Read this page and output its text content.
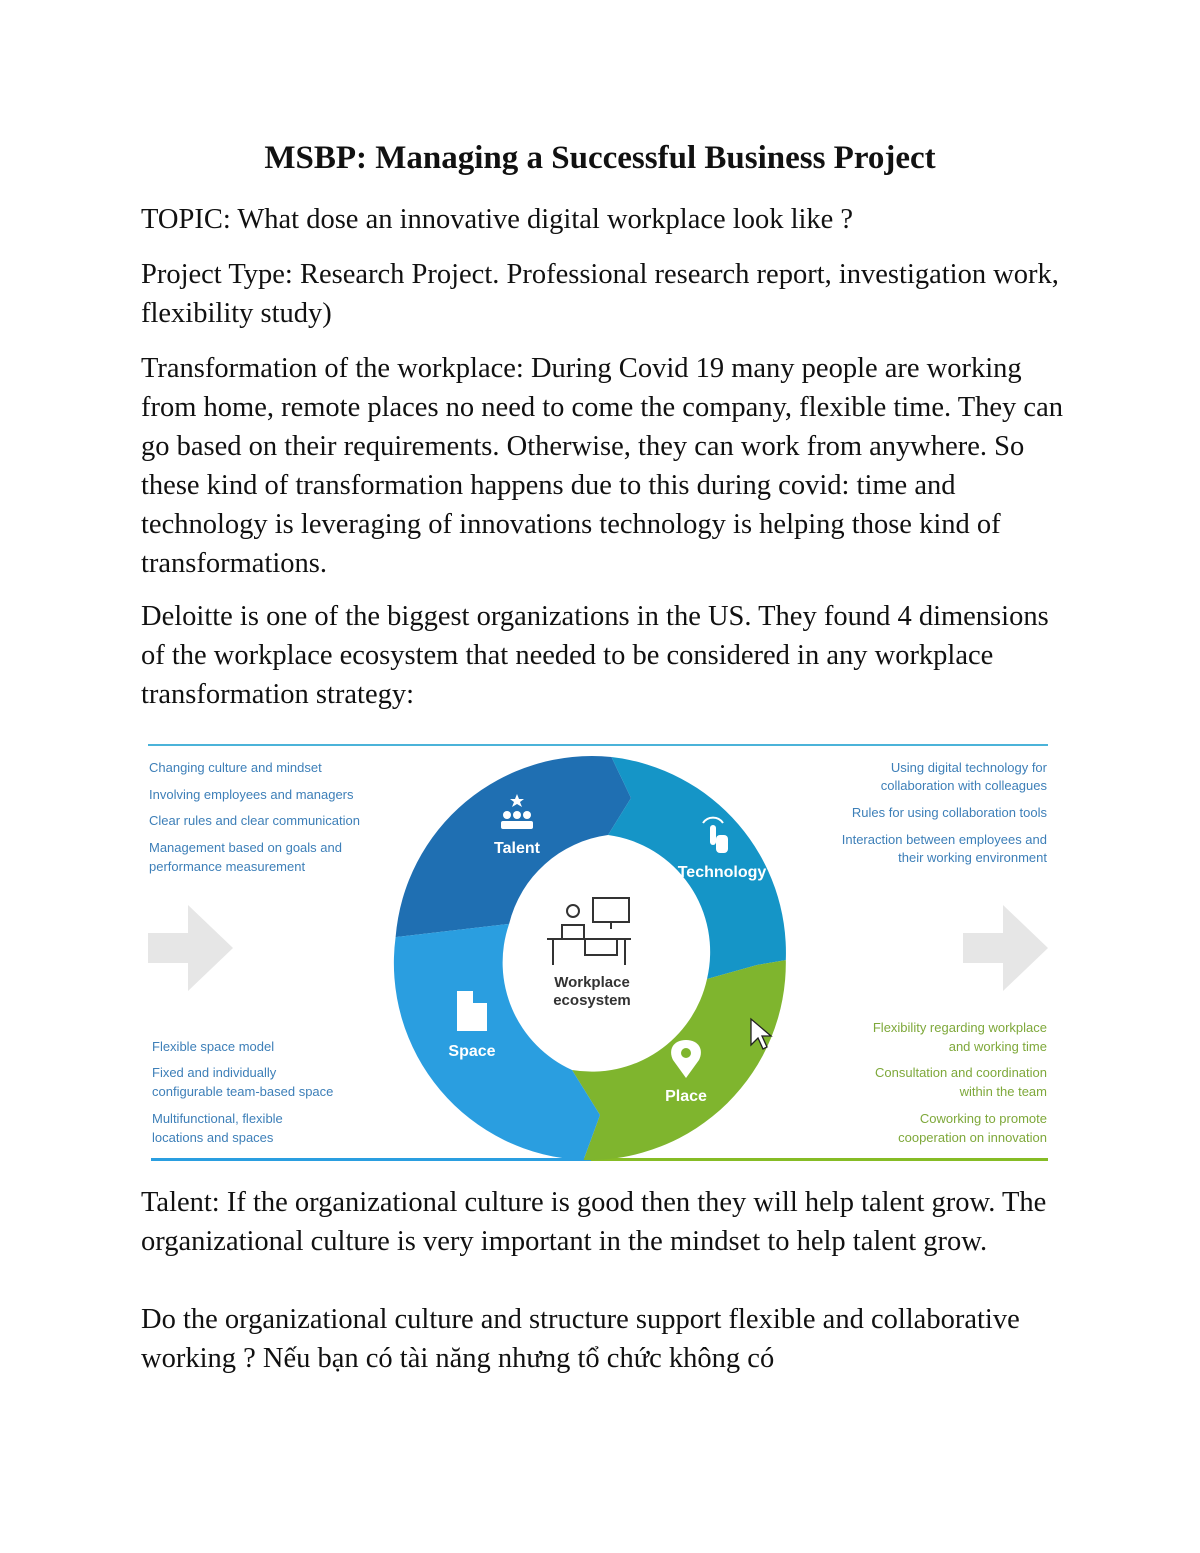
MSBP: Managing a Successful Business Project

TOPIC: What dose an innovative digital workplace look like ?

Project Type: Research Project. Professional research report, investigation work, flexibility study)

Transformation of the workplace: During Covid 19 many people are working from home, remote places no need to come the company, flexible time. They can go based on their requirements. Otherwise, they can work from anywhere. So these kind of transformation happens due to this during covid: time and technology is leveraging of innovations technology is helping those kind of transformations.

Deloitte is one of the biggest organizations in the US. They found 4 dimensions of the workplace ecosystem that needed to be considered in any workplace transformation strategy:

Workplace
ecosystem
Talent
Technology
Space
Place
Changing culture and mindset
Involving employees and managers
Clear rules and clear communication
Management based on goals and
performance measurement
Using digital technology for
collaboration with colleagues
Rules for using collaboration tools
Interaction between employees and
their working environment
Flexible space model
Fixed and individually
configurable team-based space
Multifunctional, flexible
locations and spaces
Flexibility regarding workplace
and working time
Consultation and coordination
within the team
Coworking to promote
cooperation on innovation

Talent: If the organizational culture is good then they will help talent grow. The organizational culture is very important in the mindset to help talent grow.

Do the organizational culture and structure support flexible and collaborative working ? Nếu bạn có tài năng nhưng tổ chức không có
